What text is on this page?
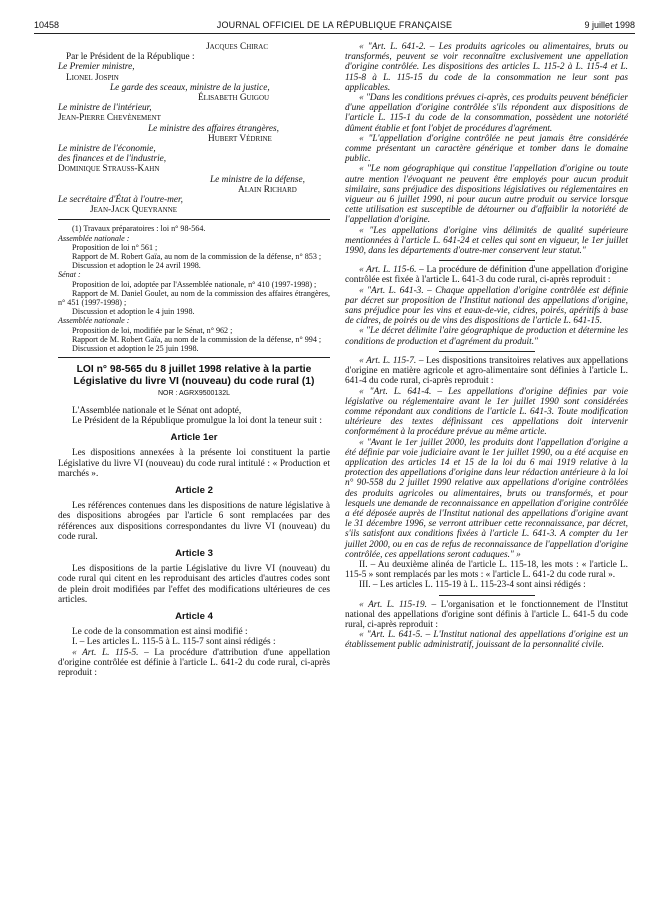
10458	JOURNAL OFFICIEL DE LA RÉPUBLIQUE FRANÇAISE	9 juillet 1998

Jacques Chirac

Par le Président de la République :

Le Premier ministre,

Lionel Jospin

Le garde des sceaux, ministre de la justice,

Élisabeth Guigou

Le ministre de l'intérieur,

Jean-Pierre Chevènement

Le ministre des affaires étrangères,

Hubert Védrine

Le ministre de l'économie,

des finances et de l'industrie,

Dominique Strauss-Kahn

Le ministre de la défense,

Alain Richard

Le secrétaire d'État à l'outre-mer,

Jean-Jack Queyranne

(1) Travaux préparatoires : loi n° 98-564.

Assemblée nationale :

Proposition de loi n° 561 ;

Rapport de M. Robert Gaïa, au nom de la commission de la défense, n° 853 ;

Discussion et adoption le 24 avril 1998.

Sénat :

Proposition de loi, adoptée par l'Assemblée nationale, n° 410 (1997-1998) ;

Rapport de M. Daniel Goulet, au nom de la commission des affaires étrangères, n° 451 (1997-1998) ;

Discussion et adoption le 4 juin 1998.

Assemblée nationale :

Proposition de loi, modifiée par le Sénat, n° 962 ;

Rapport de M. Robert Gaïa, au nom de la commission de la défense, n° 994 ;

Discussion et adoption le 25 juin 1998.

LOI n° 98-565 du 8 juillet 1998 relative à la partie Législative du livre VI (nouveau) du code rural (1)
NOR : AGRX9500132L

L'Assemblée nationale et le Sénat ont adopté,

Le Président de la République promulgue la loi dont la teneur suit :

Article 1er

Les dispositions annexées à la présente loi constituent la partie Législative du livre VI (nouveau) du code rural intitulé : « Production et marchés ».

Article 2

Les références contenues dans les dispositions de nature législative à des dispositions abrogées par l'article 6 sont remplacées par des références aux dispositions correspondantes du livre VI (nouveau) du code rural.

Article 3

Les dispositions de la partie Législative du livre VI (nouveau) du code rural qui citent en les reproduisant des articles d'autres codes sont de plein droit modifiées par l'effet des modifications ultérieures de ces articles.

Article 4

Le code de la consommation est ainsi modifié :

I. – Les articles L. 115-5 à L. 115-7 sont ainsi rédigés :

« Art. L. 115-5. – La procédure d'attribution d'une appellation d'origine contrôlée est définie à l'article L. 641-2 du code rural, ci-après reproduit :

« "Art. L. 641-2. – Les produits agricoles ou alimentaires, bruts ou transformés, peuvent se voir reconnaître exclusivement une appellation d'origine contrôlée. Les dispositions des articles L. 115-2 à L. 115-4 et L. 115-8 à L. 115-15 du code de la consommation ne leur sont pas applicables.

« "Dans les conditions prévues ci-après, ces produits peuvent bénéficier d'une appellation d'origine contrôlée s'ils répondent aux dispositions de l'article L. 115-1 du code de la consommation, possèdent une notoriété dûment établie et font l'objet de procédures d'agrément.

« "L'appellation d'origine contrôlée ne peut jamais être considérée comme présentant un caractère générique et tomber dans le domaine public.

« "Le nom géographique qui constitue l'appellation d'origine ou toute autre mention l'évoquant ne peuvent être employés pour aucun produit similaire, sans préjudice des dispositions législatives ou réglementaires en vigueur au 6 juillet 1990, ni pour aucun autre produit ou service lorsque cette utilisation est susceptible de détourner ou d'affaiblir la notoriété de l'appellation d'origine.

« "Les appellations d'origine vins délimités de qualité supérieure mentionnées à l'article L. 641-24 et celles qui sont en vigueur, le 1er juillet 1990, dans les départements d'outre-mer conservent leur statut."

« Art. L. 115-6. – La procédure de définition d'une appellation d'origine contrôlée est fixée à l'article L. 641-3 du code rural, ci-après reproduit :

« "Art. L. 641-3. – Chaque appellation d'origine contrôlée est définie par décret sur proposition de l'Institut national des appellations d'origine, sans préjudice pour les vins et eaux-de-vie, cidres, poirés, apéritifs à base de cidres, de poirés ou de vins des dispositions de l'article L. 641-15.

« "Le décret délimite l'aire géographique de production et détermine les conditions de production et d'agrément du produit."

« Art. L. 115-7. – Les dispositions transitoires relatives aux appellations d'origine en matière agricole et agro-alimentaire sont définies à l'article L. 641-4 du code rural, ci-après reproduit :

« "Art. L. 641-4. – Les appellations d'origine définies par voie législative ou réglementaire avant le 1er juillet 1990 sont considérées comme répondant aux conditions de l'article L. 641-3. Toute modification ultérieure des textes définissant ces appellations doit intervenir conformément à la procédure prévue au même article.

« "Avant le 1er juillet 2000, les produits dont l'appellation d'origine a été définie par voie judiciaire avant le 1er juillet 1990, ou a été acquise en application des articles 14 et 15 de la loi du 6 mai 1919 relative à la protection des appellations d'origine dans leur rédaction antérieure à la loi n° 90-558 du 2 juillet 1990 relative aux appellations d'origine contrôlées des produits agricoles ou alimentaires, bruts ou transformés, et pour lesquels une demande de reconnaissance en appellation d'origine contrôlée a été déposée auprès de l'Institut national des appellations d'origine avant le 31 décembre 1996, se verront attribuer cette reconnaissance, par décret, s'ils satisfont aux conditions fixées à l'article L. 641-3. A compter du 1er juillet 2000, ou en cas de refus de reconnaissance de l'appellation d'origine contrôlée, ces appellations seront caduques." »

II. – Au deuxième alinéa de l'article L. 115-18, les mots : « l'article L. 115-5 » sont remplacés par les mots : « l'article L. 641-2 du code rural ».

III. – Les articles L. 115-19 à L. 115-23-4 sont ainsi rédigés :

« Art. L. 115-19. – L'organisation et le fonctionnement de l'Institut national des appellations d'origine sont définis à l'article L. 641-5 du code rural, ci-après reproduit :

« "Art. L. 641-5. – L'Institut national des appellations d'origine est un établissement public administratif, jouissant de la personnalité civile.
